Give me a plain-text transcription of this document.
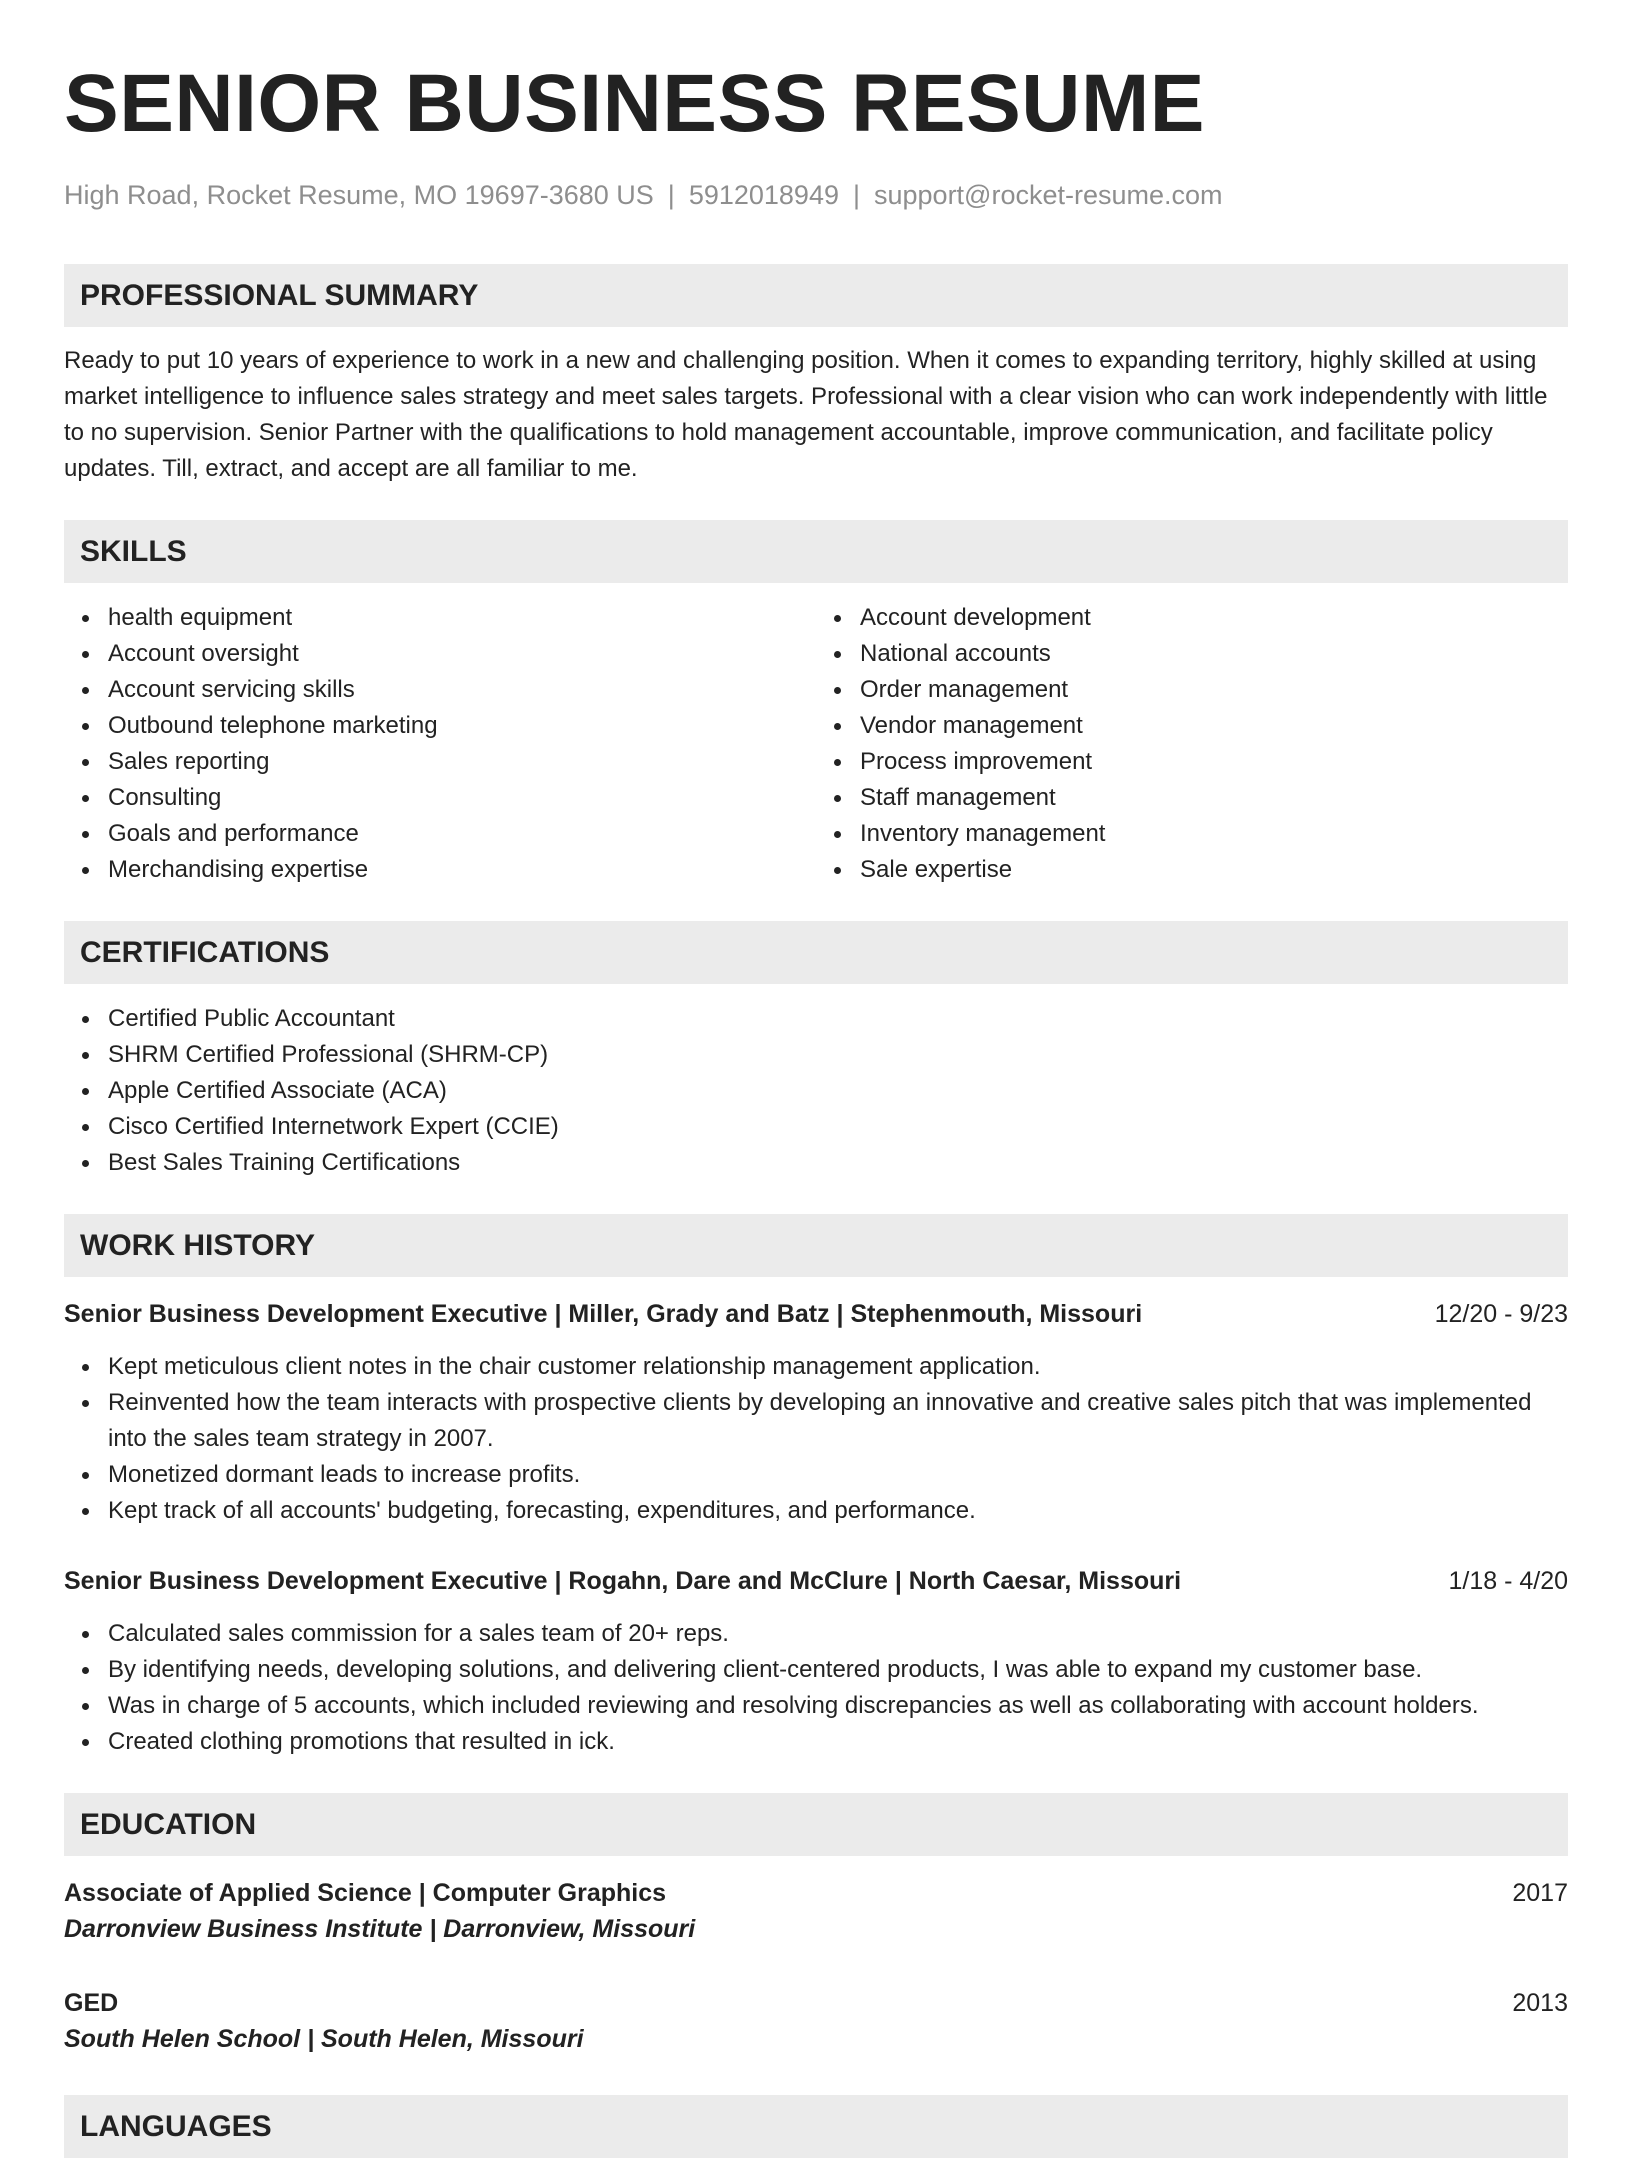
SENIOR BUSINESS RESUME
High Road, Rocket Resume, MO 19697-3680 US | 5912018949 | support@rocket-resume.com
PROFESSIONAL SUMMARY
Ready to put 10 years of experience to work in a new and challenging position. When it comes to expanding territory, highly skilled at using market intelligence to influence sales strategy and meet sales targets. Professional with a clear vision who can work independently with little to no supervision. Senior Partner with the qualifications to hold management accountable, improve communication, and facilitate policy updates. Till, extract, and accept are all familiar to me.
SKILLS
health equipment
Account oversight
Account servicing skills
Outbound telephone marketing
Sales reporting
Consulting
Goals and performance
Merchandising expertise
Account development
National accounts
Order management
Vendor management
Process improvement
Staff management
Inventory management
Sale expertise
CERTIFICATIONS
Certified Public Accountant
SHRM Certified Professional (SHRM-CP)
Apple Certified Associate (ACA)
Cisco Certified Internetwork Expert (CCIE)
Best Sales Training Certifications
WORK HISTORY
Senior Business Development Executive | Miller, Grady and Batz | Stephenmouth, Missouri	12/20 - 9/23
Kept meticulous client notes in the chair customer relationship management application.
Reinvented how the team interacts with prospective clients by developing an innovative and creative sales pitch that was implemented into the sales team strategy in 2007.
Monetized dormant leads to increase profits.
Kept track of all accounts' budgeting, forecasting, expenditures, and performance.
Senior Business Development Executive | Rogahn, Dare and McClure | North Caesar, Missouri	1/18 - 4/20
Calculated sales commission for a sales team of 20+ reps.
By identifying needs, developing solutions, and delivering client-centered products, I was able to expand my customer base.
Was in charge of 5 accounts, which included reviewing and resolving discrepancies as well as collaborating with account holders.
Created clothing promotions that resulted in ick.
EDUCATION
Associate of Applied Science | Computer Graphics	2017
Darronview Business Institute | Darronview, Missouri
GED	2013
South Helen School | South Helen, Missouri
LANGUAGES
